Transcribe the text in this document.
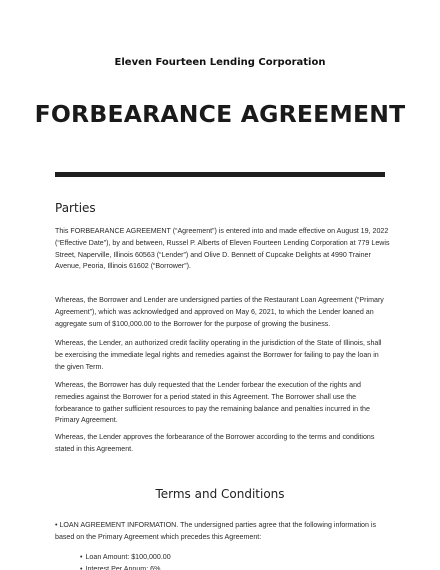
Eleven Fourteen Lending Corporation
FORBEARANCE AGREEMENT
Parties

This FORBEARANCE AGREEMENT (“Agreement”) is entered into and made effective on August 19, 2022 (“Effective Date”), by and between, Russel P. Alberts of Eleven Fourteen Lending Corporation at 779 Lewis Street, Naperville, Illinois 60563 (“Lender”) and Olive D. Bennett of Cupcake Delights at 4990 Trainer Avenue, Peoria, Illinois 61602 (“Borrower”).

Whereas, the Borrower and Lender are undersigned parties of the Restaurant Loan Agreement (“Primary Agreement”), which was acknowledged and approved on May 6, 2021, to which the Lender loaned an aggregate sum of $100,000.00 to the Borrower for the purpose of growing the business.

Whereas, the Lender, an authorized credit facility operating in the jurisdiction of the State of Illinois, shall be exercising the immediate legal rights and remedies against the Borrower for failing to pay the loan in the given Term.

Whereas, the Borrower has duly requested that the Lender forbear the execution of the rights and remedies against the Borrower for a period stated in this Agreement. The Borrower shall use the forbearance to gather sufficient resources to pay the remaining balance and penalties incurred in the Primary Agreement.

Whereas, the Lender approves the forbearance of the Borrower according to the terms and conditions stated in this Agreement.

Terms and Conditions

• LOAN AGREEMENT INFORMATION. The undersigned parties agree that the following information is based on the Primary Agreement which precedes this Agreement:

• Loan Amount: $100,000.00
• Interest Per Annum: 6%
